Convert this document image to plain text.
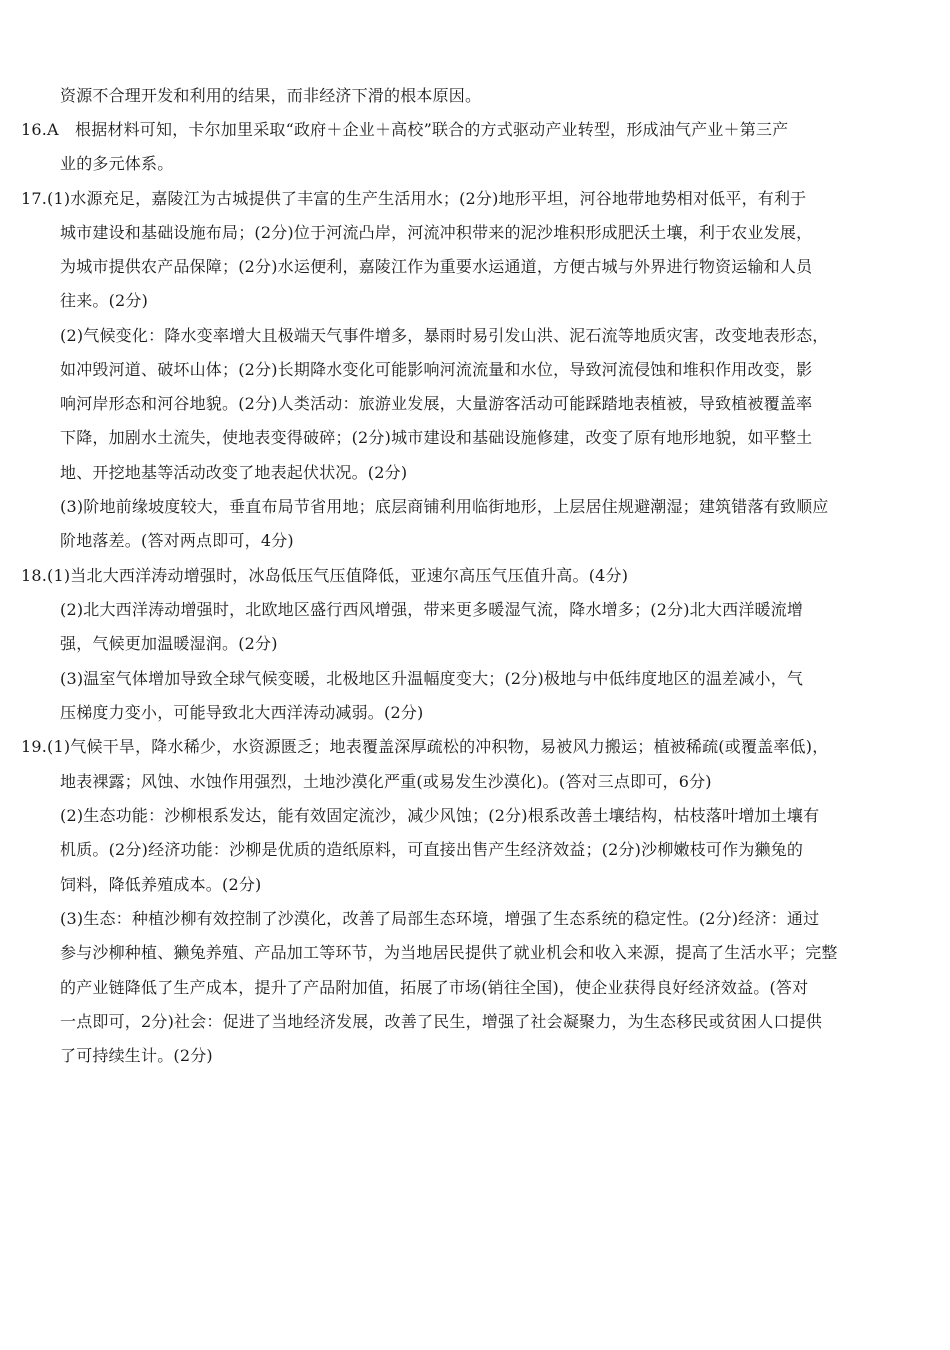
资源不合理开发和利用的结果，而非经济下滑的根本原因。
16.A　根据材料可知，卡尔加里采取“政府＋企业＋高校”联合的方式驱动产业转型，形成油气产业＋第三产
业的多元体系。
17.(1)水源充足，嘉陵江为古城提供了丰富的生产生活用水；(2分)地形平坦，河谷地带地势相对低平，有利于
城市建设和基础设施布局；(2分)位于河流凸岸，河流冲积带来的泥沙堆积形成肥沃土壤，利于农业发展，
为城市提供农产品保障；(2分)水运便利，嘉陵江作为重要水运通道，方便古城与外界进行物资运输和人员
往来。(2分)
(2)气候变化：降水变率增大且极端天气事件增多，暴雨时易引发山洪、泥石流等地质灾害，改变地表形态，
如冲毁河道、破坏山体；(2分)长期降水变化可能影响河流流量和水位，导致河流侵蚀和堆积作用改变，影
响河岸形态和河谷地貌。(2分)人类活动：旅游业发展，大量游客活动可能踩踏地表植被，导致植被覆盖率
下降，加剧水土流失，使地表变得破碎；(2分)城市建设和基础设施修建，改变了原有地形地貌，如平整土
地、开挖地基等活动改变了地表起伏状况。(2分)
(3)阶地前缘坡度较大，垂直布局节省用地；底层商铺利用临街地形，上层居住规避潮湿；建筑错落有致顺应
阶地落差。(答对两点即可，4分)
18.(1)当北大西洋涛动增强时，冰岛低压气压值降低，亚速尔高压气压值升高。(4分)
(2)北大西洋涛动增强时，北欧地区盛行西风增强，带来更多暖湿气流，降水增多；(2分)北大西洋暖流增
强，气候更加温暖湿润。(2分)
(3)温室气体增加导致全球气候变暖，北极地区升温幅度变大；(2分)极地与中低纬度地区的温差减小，气
压梯度力变小，可能导致北大西洋涛动减弱。(2分)
19.(1)气候干旱，降水稀少，水资源匮乏；地表覆盖深厚疏松的冲积物，易被风力搬运；植被稀疏(或覆盖率低)，
地表裸露；风蚀、水蚀作用强烈，土地沙漠化严重(或易发生沙漠化)。(答对三点即可，6分)
(2)生态功能：沙柳根系发达，能有效固定流沙，减少风蚀；(2分)根系改善土壤结构，枯枝落叶增加土壤有
机质。(2分)经济功能：沙柳是优质的造纸原料，可直接出售产生经济效益；(2分)沙柳嫩枝可作为獭兔的
饲料，降低养殖成本。(2分)
(3)生态：种植沙柳有效控制了沙漠化，改善了局部生态环境，增强了生态系统的稳定性。(2分)经济：通过
参与沙柳种植、獭兔养殖、产品加工等环节，为当地居民提供了就业机会和收入来源，提高了生活水平；完整
的产业链降低了生产成本，提升了产品附加值，拓展了市场(销往全国)，使企业获得良好经济效益。(答对
一点即可，2分)社会：促进了当地经济发展，改善了民生，增强了社会凝聚力，为生态移民或贫困人口提供
了可持续生计。(2分)
